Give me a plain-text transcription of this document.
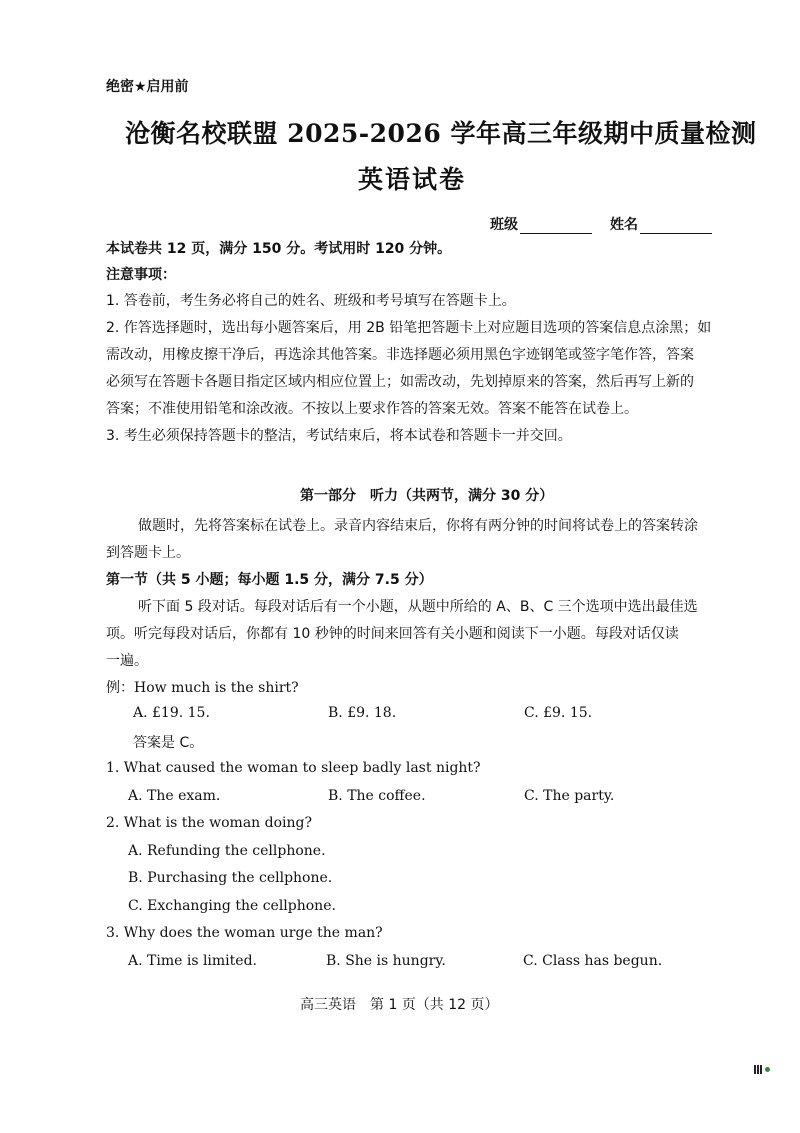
绝密★启用前
沧衡名校联盟 2025-2026 学年高三年级期中质量检测
英语试卷
班级	姓名
本试卷共 12 页，满分 150 分。考试用时 120 分钟。
注意事项：
1. 答卷前，考生务必将自己的姓名、班级和考号填写在答题卡上。
2. 作答选择题时，选出每小题答案后，用 2B 铅笔把答题卡上对应题目选项的答案信息点涂黑；如
需改动，用橡皮擦干净后，再选涂其他答案。非选择题必须用黑色字迹钢笔或签字笔作答，答案
必须写在答题卡各题目指定区域内相应位置上；如需改动，先划掉原来的答案，然后再写上新的
答案；不准使用铅笔和涂改液。不按以上要求作答的答案无效。答案不能答在试卷上。
3. 考生必须保持答题卡的整洁，考试结束后，将本试卷和答题卡一并交回。
第一部分　听力（共两节，满分 30 分）
做题时，先将答案标在试卷上。录音内容结束后，你将有两分钟的时间将试卷上的答案转涂
到答题卡上。
第一节（共 5 小题；每小题 1.5 分，满分 7.5 分）
听下面 5 段对话。每段对话后有一个小题，从题中所给的 A、B、C 三个选项中选出最佳选
项。听完每段对话后，你都有 10 秒钟的时间来回答有关小题和阅读下一小题。每段对话仅读
一遍。
例：How much is the shirt?
A. £19. 15.	B. £9. 18.	C. £9. 15.
答案是 C。
1. What caused the woman to sleep badly last night?
A. The exam.	B. The coffee.	C. The party.
2. What is the woman doing?
A. Refunding the cellphone.
B. Purchasing the cellphone.
C. Exchanging the cellphone.
3. Why does the woman urge the man?
A. Time is limited.	B. She is hungry.	C. Class has begun.
高三英语　第 1 页（共 12 页）
